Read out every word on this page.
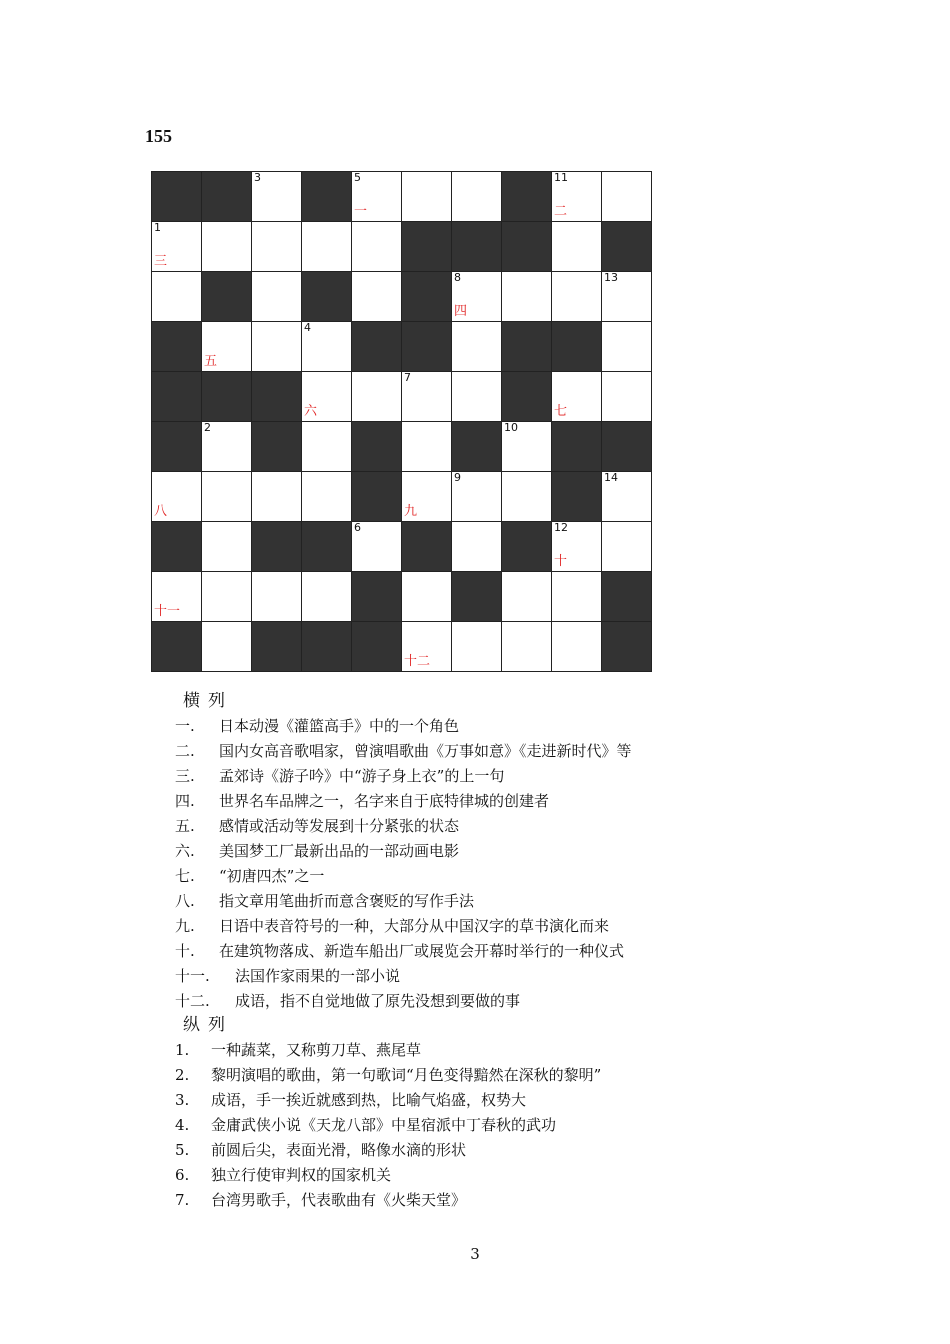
155
3	5
一
11
二
1
三
8
四
13
五
4
六
7
七
2	10
八	九
9	14
6	12
十
十一
十二
横列
一.	日本动漫《灌篮高手》中的一个角色
二.	国内女高音歌唱家，曾演唱歌曲《万事如意》《走进新时代》等
三.	孟郊诗《游子吟》中“游子身上衣”的上一句
四.	世界名车品牌之一，名字来自于底特律城的创建者
五.	感情或活动等发展到十分紧张的状态
六.	美国梦工厂最新出品的一部动画电影
七.	“初唐四杰”之一
八.	指文章用笔曲折而意含褒贬的写作手法
九.	日语中表音符号的一种，大部分从中国汉字的草书演化而来
十.	在建筑物落成、新造车船出厂或展览会开幕时举行的一种仪式
十一.	法国作家雨果的一部小说
十二.	成语，指不自觉地做了原先没想到要做的事
纵列
1.	一种蔬菜，又称剪刀草、燕尾草
2.	黎明演唱的歌曲，第一句歌词“月色变得黯然在深秋的黎明”
3.	成语，手一挨近就感到热，比喻气焰盛，权势大
4.	金庸武侠小说《天龙八部》中星宿派中丁春秋的武功
5.	前圆后尖，表面光滑，略像水滴的形状
6.	独立行使审判权的国家机关
7.	台湾男歌手，代表歌曲有《火柴天堂》
3
